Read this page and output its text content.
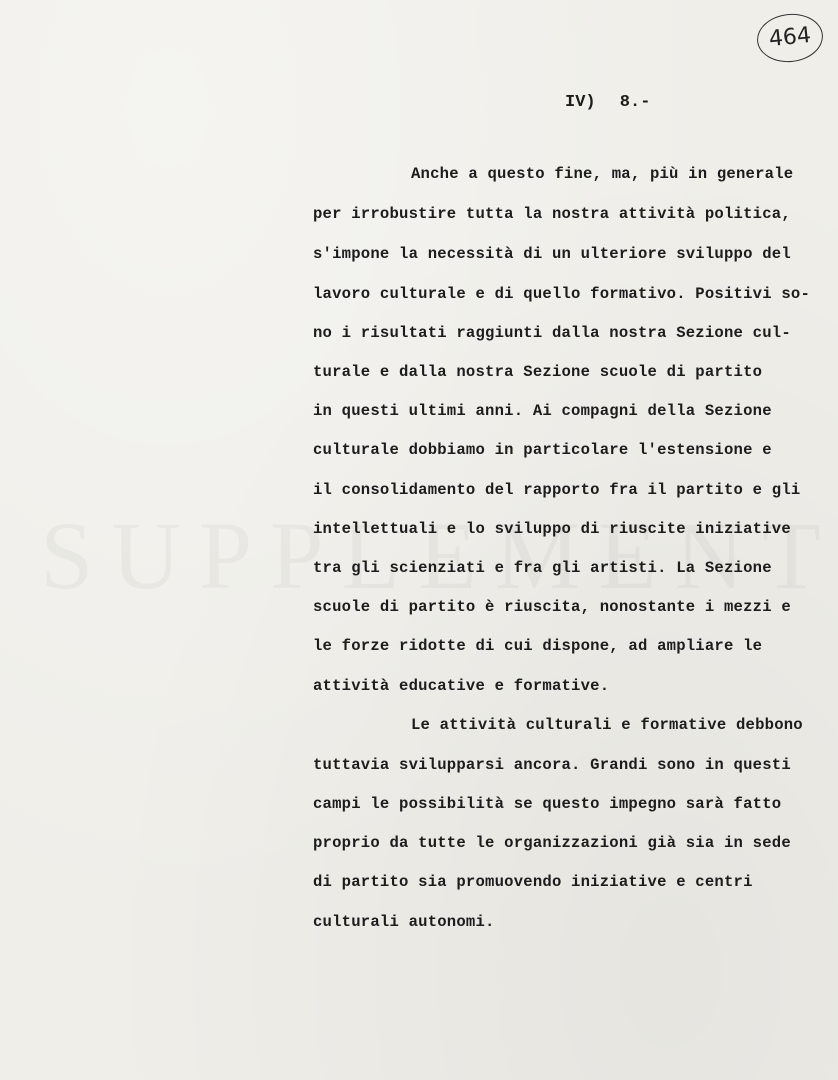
464
IV) 8.-
Anche a questo fine, ma, più in generale
per irrobustire tutta la nostra attività politica,
s'impone la necessità di un ulteriore sviluppo del
lavoro culturale e di quello formativo. Positivi so-
no i risultati raggiunti dalla nostra Sezione cul-
turale e dalla nostra Sezione scuole di partito
in questi ultimi anni. Ai compagni della Sezione
culturale dobbiamo in particolare l'estensione e
il consolidamento del rapporto fra il partito e gli
intellettuali e lo sviluppo di riuscite iniziative
tra gli scienziati e fra gli artisti. La Sezione
scuole di partito è riuscita, nonostante i mezzi e
le forze ridotte di cui dispone, ad ampliare le
attività educative e formative.
Le attività culturali e formative debbono
tuttavia svilupparsi ancora. Grandi sono in questi
campi le possibilità se questo impegno sarà fatto
proprio da tutte le organizzazioni già sia in sede
di partito sia promuovendo iniziative e centri
culturali autonomi.
